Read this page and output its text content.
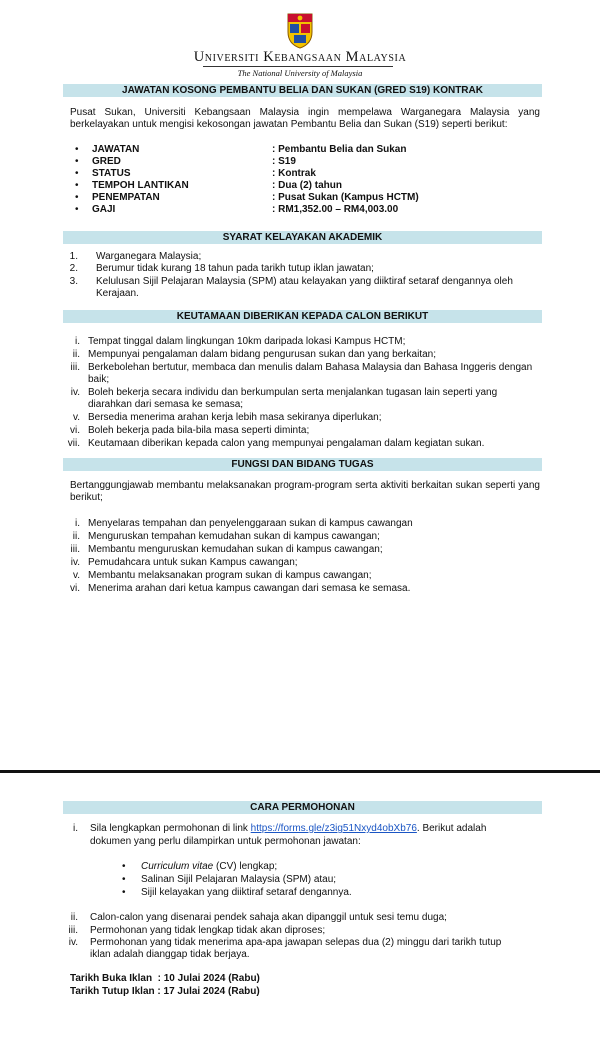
Universiti Kebangsaan Malaysia
The National University of Malaysia
JAWATAN KOSONG PEMBANTU BELIA DAN SUKAN (GRED S19) KONTRAK
Pusat Sukan, Universiti Kebangsaan Malaysia ingin mempelawa Warganegara Malaysia yang berkelayakan untuk mengisi kekosongan jawatan Pembantu Belia dan Sukan (S19) seperti berikut:
• JAWATAN	: Pembantu Belia dan Sukan
• GRED	: S19
• STATUS	: Kontrak
• TEMPOH LANTIKAN	: Dua (2) tahun
• PENEMPATAN	: Pusat Sukan (Kampus HCTM)
• GAJI	: RM1,352.00 – RM4,003.00
SYARAT KELAYAKAN AKADEMIK
1. Warganegara Malaysia;
2. Berumur tidak kurang 18 tahun pada tarikh tutup iklan jawatan;
3. Kelulusan Sijil Pelajaran Malaysia (SPM) atau kelayakan yang diiktiraf setaraf dengannya oleh Kerajaan.
KEUTAMAAN DIBERIKAN KEPADA CALON BERIKUT
i. Tempat tinggal dalam lingkungan 10km daripada lokasi Kampus HCTM;
ii. Mempunyai pengalaman dalam bidang pengurusan sukan dan yang berkaitan;
iii. Berkebolehan bertutur, membaca dan menulis dalam Bahasa Malaysia dan Bahasa Inggeris dengan baik;
iv. Boleh bekerja secara individu dan berkumpulan serta menjalankan tugasan lain seperti yang diarahkan dari semasa ke semasa;
v. Bersedia menerima arahan kerja lebih masa sekiranya diperlukan;
vi. Boleh bekerja pada bila-bila masa seperti diminta;
vii. Keutamaan diberikan kepada calon yang mempunyai pengalaman dalam kegiatan sukan.
FUNGSI DAN BIDANG TUGAS
Bertanggungjawab membantu melaksanakan program-program serta aktiviti berkaitan sukan seperti yang berikut;
i. Menyelaras tempahan dan penyelenggaraan sukan di kampus cawangan
ii. Menguruskan tempahan kemudahan sukan di kampus cawangan;
iii. Membantu menguruskan kemudahan sukan di kampus cawangan;
iv. Pemudahcara untuk sukan Kampus cawangan;
v. Membantu melaksanakan program sukan di kampus cawangan;
vi. Menerima arahan dari ketua kampus cawangan dari semasa ke semasa.
CARA PERMOHONAN
i. Sila lengkapkan permohonan di link https://forms.gle/z3ig51Nxyd4obXb76. Berikut adalah
dokumen yang perlu dilampirkan untuk permohonan jawatan:
• Curriculum vitae (CV) lengkap;
• Salinan Sijil Pelajaran Malaysia (SPM) atau;
• Sijil kelayakan yang diiktiraf setaraf dengannya.
ii. Calon-calon yang disenarai pendek sahaja akan dipanggil untuk sesi temu duga;
iii. Permohonan yang tidak lengkap tidak akan diproses;
iv. Permohonan yang tidak menerima apa-apa jawapan selepas dua (2) minggu dari tarikh tutup iklan adalah dianggap tidak berjaya.
Tarikh Buka Iklan  : 10 Julai 2024 (Rabu)
Tarikh Tutup Iklan : 17 Julai 2024 (Rabu)
